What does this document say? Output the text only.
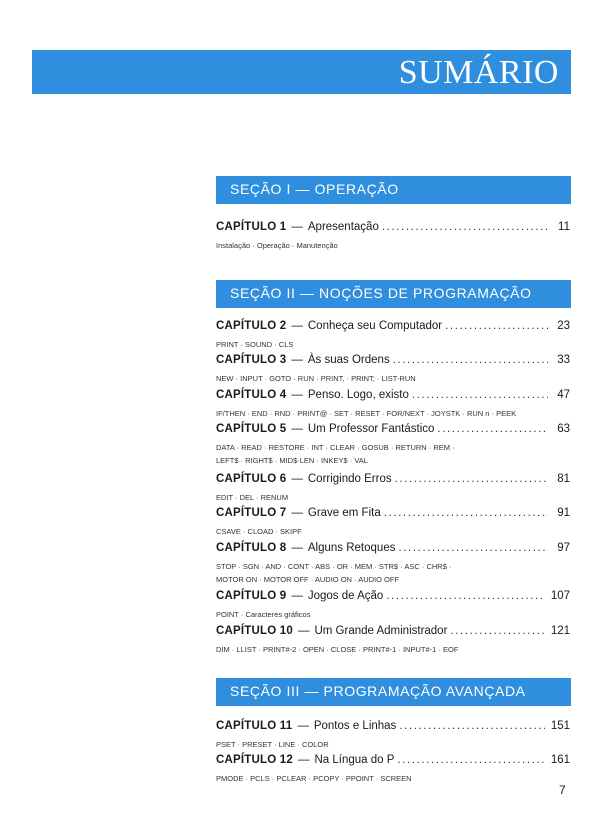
SUMÁRIO
SEÇÃO I — OPERAÇÃO
CAPÍTULO 1 — Apresentação .....	11
Instalação · Operação · Manutenção
SEÇÃO II — NOÇÕES DE PROGRAMAÇÃO
CAPÍTULO 2 — Conheça seu Computador .....	23
PRINT · SOUND · CLS
CAPÍTULO 3 — Às suas Ordens .....	33
NEW · INPUT · GOTO · RUN · PRINT, · PRINT; · LIST-RUN
CAPÍTULO 4 — Penso. Logo, existo .....	47
IF/THEN · END · RND · PRINT@ · SET · RESET · FOR/NEXT · JOYSTK · RUN n · PEEK
CAPÍTULO 5 — Um Professor Fantástico .....	63
DATA · READ · RESTORE · INT · CLEAR · GOSUB · RETURN · REM ·
LEFT$ · RIGHT$ · MID$·LEN · INKEY$ · VAL
CAPÍTULO 6 — Corrigindo Erros .....	81
EDIT · DEL · RENUM
CAPÍTULO 7 — Grave em Fita .....	91
CSAVE · CLOAD · SKIPF
CAPÍTULO 8 — Alguns Retoques .....	97
STOP · SGN · AND · CONT · ABS · OR · MEM · STR$ · ASC · CHR$ ·
MOTOR ON · MOTOR OFF · AUDIO ON · AUDIO OFF
CAPÍTULO 9 — Jogos de Ação .....	107
POINT · Caracteres gráficos
CAPÍTULO 10 — Um Grande Administrador .....	121
DIM · LLIST · PRINT#-2 · OPEN · CLOSE · PRINT#-1 · INPUT#-1 · EOF
SEÇÃO III — PROGRAMAÇÃO AVANÇADA
CAPÍTULO 11 — Pontos e Linhas .....	151
PSET · PRESET · LINE · COLOR
CAPÍTULO 12 — Na Língua do P .....	161
PMODE · PCLS · PCLEAR · PCOPY · PPOINT · SCREEN
7
